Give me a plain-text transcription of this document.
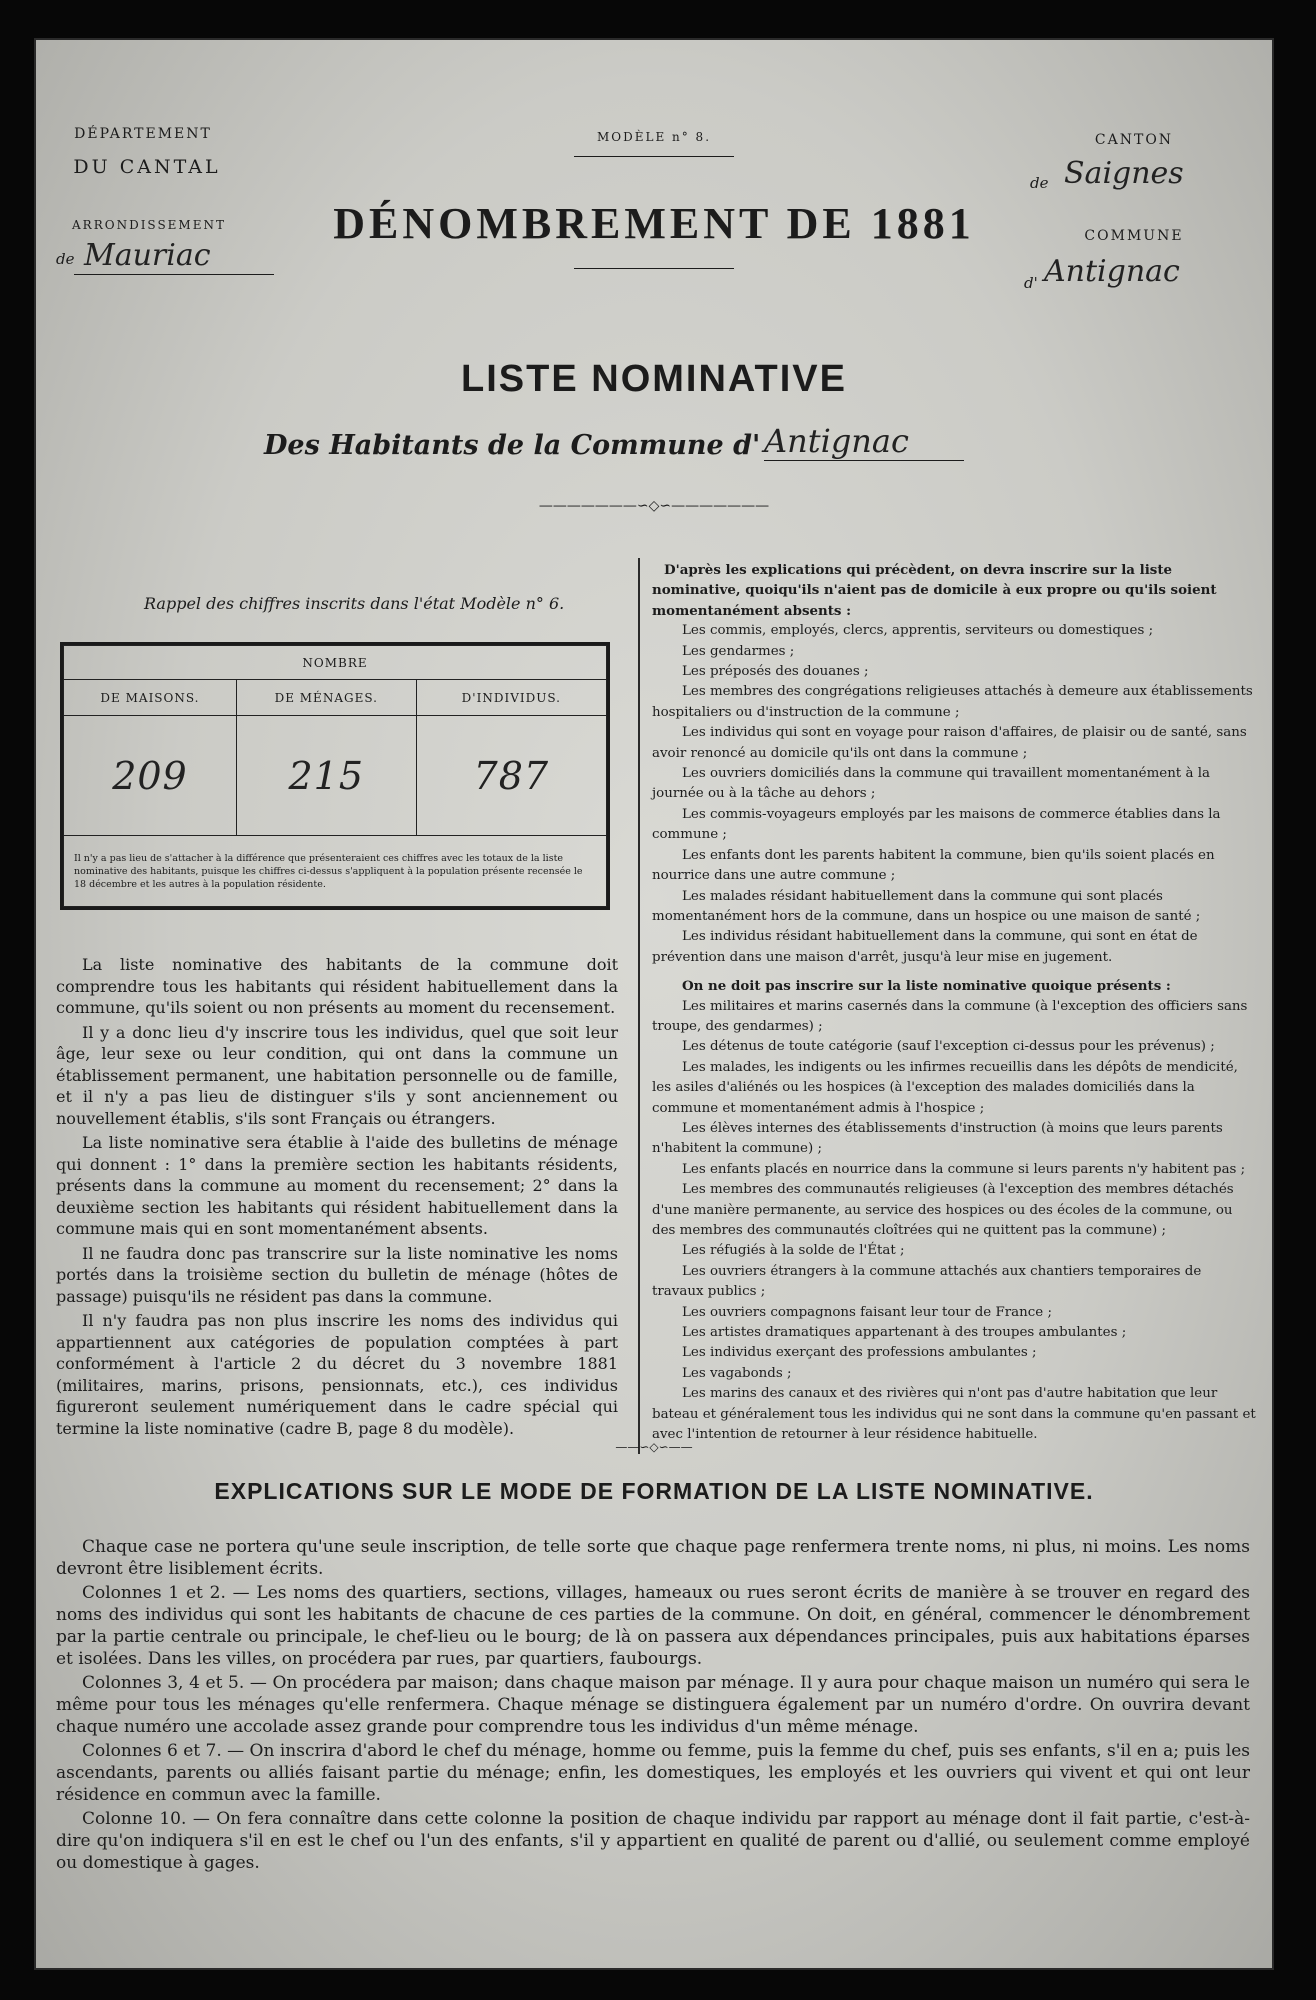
DÉPARTEMENT
DU CANTAL
ARRONDISSEMENT
de Mauriac
MODÈLE n° 8.	CANTON
de Saignes
COMMUNE
d' Antignac
DÉNOMBREMENT DE 1881
LISTE NOMINATIVE
Des Habitants de la Commune d' Antignac
———————∽◇∽———————
Rappel des chiffres inscrits dans l'état Modèle n° 6.
NOMBRE		
DE MAISONS.	DE MÉNAGES.	D'INDIVIDUS.
209	215	787
Il n'y a pas lieu de s'attacher à la différence que présenteraient ces chiffres avec les totaux de la liste nominative des habitants, puisque les chiffres ci-dessus s'appliquent à la population présente recensée le 18 décembre et les autres à la population résidente.		

La liste nominative des habitants de la commune doit comprendre tous les habitants qui résident habituellement dans la commune, qu'ils soient ou non présents au moment du recensement.

Il y a donc lieu d'y inscrire tous les individus, quel que soit leur âge, leur sexe ou leur condition, qui ont dans la commune un établissement permanent, une habitation personnelle ou de famille, et il n'y a pas lieu de distinguer s'ils y sont anciennement ou nouvellement établis, s'ils sont Français ou étrangers.

La liste nominative sera établie à l'aide des bulletins de ménage qui donnent : 1° dans la première section les habitants résidents, présents dans la commune au moment du recensement; 2° dans la deuxième section les habitants qui résident habituellement dans la commune mais qui en sont momentanément absents.

Il ne faudra donc pas transcrire sur la liste nominative les noms portés dans la troisième section du bulletin de ménage (hôtes de passage) puisqu'ils ne résident pas dans la commune.

Il n'y faudra pas non plus inscrire les noms des individus qui appartiennent aux catégories de population comptées à part conformément à l'article 2 du décret du 3 novembre 1881 (militaires, marins, prisons, pensionnats, etc.), ces individus figureront seulement numériquement dans le cadre spécial qui termine la liste nominative (cadre B, page 8 du modèle).

D'après les explications qui précèdent, on devra inscrire sur la liste nominative, quoiqu'ils n'aient pas de domicile à eux propre ou qu'ils soient momentanément absents :

Les commis, employés, clercs, apprentis, serviteurs ou domestiques ;

Les gendarmes ;

Les préposés des douanes ;

Les membres des congrégations religieuses attachés à demeure aux établissements hospitaliers ou d'instruction de la commune ;

Les individus qui sont en voyage pour raison d'affaires, de plaisir ou de santé, sans avoir renoncé au domicile qu'ils ont dans la commune ;

Les ouvriers domiciliés dans la commune qui travaillent momentanément à la journée ou à la tâche au dehors ;

Les commis-voyageurs employés par les maisons de commerce établies dans la commune ;

Les enfants dont les parents habitent la commune, bien qu'ils soient placés en nourrice dans une autre commune ;

Les malades résidant habituellement dans la commune qui sont placés momentanément hors de la commune, dans un hospice ou une maison de santé ;

Les individus résidant habituellement dans la commune, qui sont en état de prévention dans une maison d'arrêt, jusqu'à leur mise en jugement.

On ne doit pas inscrire sur la liste nominative quoique présents :

Les militaires et marins casernés dans la commune (à l'exception des officiers sans troupe, des gendarmes) ;

Les détenus de toute catégorie (sauf l'exception ci-dessus pour les prévenus) ;

Les malades, les indigents ou les infirmes recueillis dans les dépôts de mendicité, les asiles d'aliénés ou les hospices (à l'exception des malades domiciliés dans la commune et momentanément admis à l'hospice ;

Les élèves internes des établissements d'instruction (à moins que leurs parents n'habitent la commune) ;

Les enfants placés en nourrice dans la commune si leurs parents n'y habitent pas ;

Les membres des communautés religieuses (à l'exception des membres détachés d'une manière permanente, au service des hospices ou des écoles de la commune, ou des membres des communautés cloîtrées qui ne quittent pas la commune) ;

Les réfugiés à la solde de l'État ;

Les ouvriers étrangers à la commune attachés aux chantiers temporaires de travaux publics ;

Les ouvriers compagnons faisant leur tour de France ;

Les artistes dramatiques appartenant à des troupes ambulantes ;

Les individus exerçant des professions ambulantes ;

Les vagabonds ;

Les marins des canaux et des rivières qui n'ont pas d'autre habitation que leur bateau et généralement tous les individus qui ne sont dans la commune qu'en passant et avec l'intention de retourner à leur résidence habituelle.

——∽◇∽——
EXPLICATIONS SUR LE MODE DE FORMATION DE LA LISTE NOMINATIVE.

Chaque case ne portera qu'une seule inscription, de telle sorte que chaque page renfermera trente noms, ni plus, ni moins. Les noms devront être lisiblement écrits.

Colonnes 1 et 2. — Les noms des quartiers, sections, villages, hameaux ou rues seront écrits de manière à se trouver en regard des noms des individus qui sont les habitants de chacune de ces parties de la commune. On doit, en général, commencer le dénombrement par la partie centrale ou principale, le chef-lieu ou le bourg; de là on passera aux dépendances principales, puis aux habitations éparses et isolées. Dans les villes, on procédera par rues, par quartiers, faubourgs.

Colonnes 3, 4 et 5. — On procédera par maison; dans chaque maison par ménage. Il y aura pour chaque maison un numéro qui sera le même pour tous les ménages qu'elle renfermera. Chaque ménage se distinguera également par un numéro d'ordre. On ouvrira devant chaque numéro une accolade assez grande pour comprendre tous les individus d'un même ménage.

Colonnes 6 et 7. — On inscrira d'abord le chef du ménage, homme ou femme, puis la femme du chef, puis ses enfants, s'il en a; puis les ascendants, parents ou alliés faisant partie du ménage; enfin, les domestiques, les employés et les ouvriers qui vivent et qui ont leur résidence en commun avec la famille.

Colonne 10. — On fera connaître dans cette colonne la position de chaque individu par rapport au ménage dont il fait partie, c'est-à-dire qu'on indiquera s'il en est le chef ou l'un des enfants, s'il y appartient en qualité de parent ou d'allié, ou seulement comme employé ou domestique à gages.
